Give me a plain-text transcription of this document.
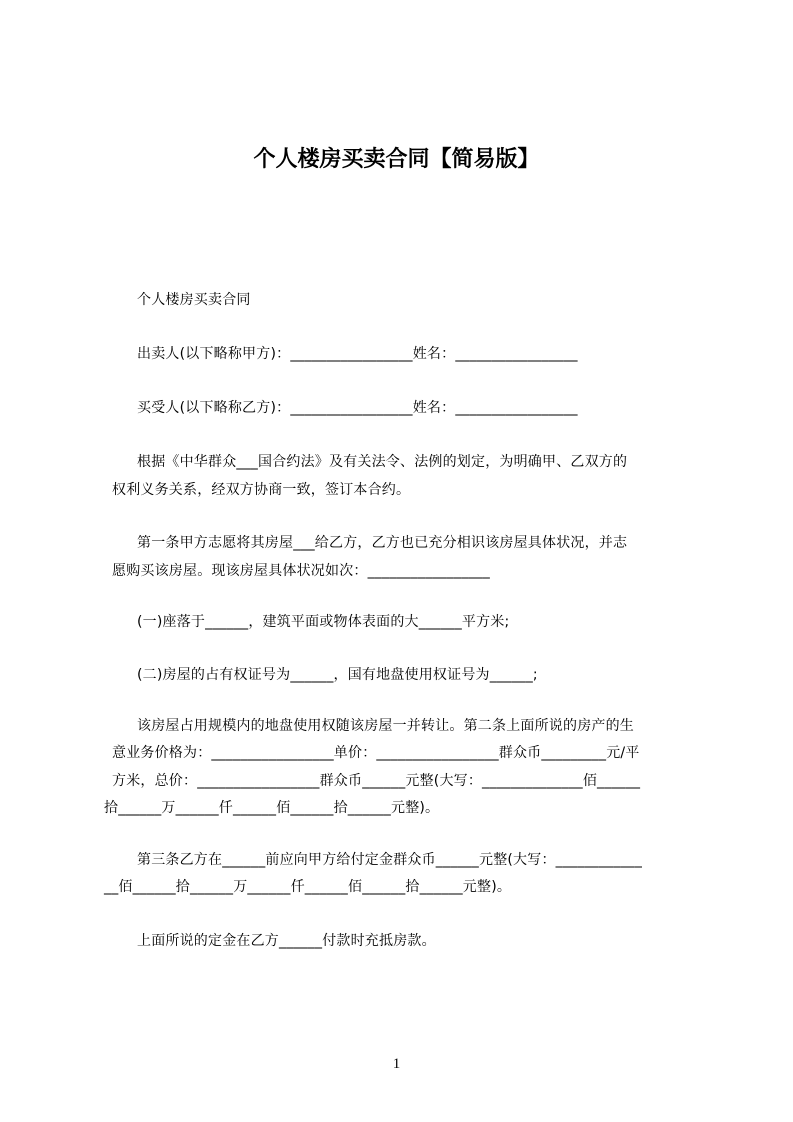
个人楼房买卖合同【简易版】
个人楼房买卖合同
出卖人(以下略称甲方)：_________________姓名：_________________
买受人(以下略称乙方)：_________________姓名：_________________
根据《中华群众___国合约法》及有关法令、法例的划定，为明确甲、乙双方的
权利义务关系，经双方协商一致，签订本合约。
第一条甲方志愿将其房屋___给乙方，乙方也已充分相识该房屋具体状况，并志
愿购买该房屋。现该房屋具体状况如次：_________________
(一)座落于______，建筑平面或物体表面的大______平方米;
(二)房屋的占有权证号为______，国有地盘使用权证号为______;
该房屋占用规模内的地盘使用权随该房屋一并转让。第二条上面所说的房产的生
意业务价格为：_________________单价：_________________群众币_________元/平
方米，总价：_________________群众币______元整(大写：______________佰______
拾______万______仟______佰______拾______元整)。
第三条乙方在______前应向甲方给付定金群众币______元整(大写：____________
__佰______拾______万______仟______佰______拾______元整)。
上面所说的定金在乙方______付款时充抵房款。
1
